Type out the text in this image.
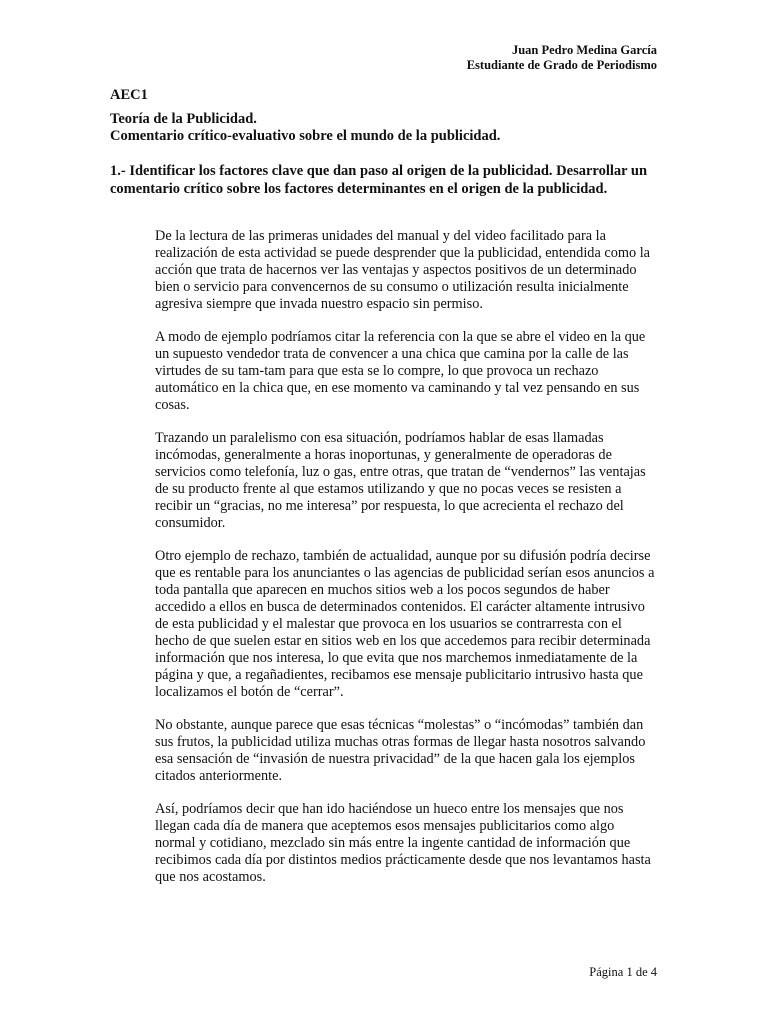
Juan Pedro Medina García
Estudiante de Grado de Periodismo
AEC1
Teoría de la Publicidad.
Comentario crítico-evaluativo sobre el mundo de la publicidad.
1.- Identificar los factores clave que dan paso al origen de la publicidad. Desarrollar un comentario crítico sobre los factores determinantes en el origen de la publicidad.

De la lectura de las primeras unidades del manual y del video facilitado para la realización de esta actividad se puede desprender que la publicidad, entendida como la acción que trata de hacernos ver las ventajas y aspectos positivos de un determinado bien o servicio para convencernos de su consumo o utilización resulta inicialmente agresiva siempre que invada nuestro espacio sin permiso.

A modo de ejemplo podríamos citar la referencia con la que se abre el video en la que un supuesto vendedor trata de convencer a una chica que camina por la calle de las virtudes de su tam-tam para que esta se lo compre, lo que provoca un rechazo automático en la chica que, en ese momento va caminando y tal vez pensando en sus cosas.

Trazando un paralelismo con esa situación, podríamos hablar de esas llamadas incómodas, generalmente a horas inoportunas, y generalmente de operadoras de servicios como telefonía, luz o gas, entre otras, que tratan de “vendernos” las ventajas de su producto frente al que estamos utilizando y que no pocas veces se resisten a recibir un “gracias, no me interesa” por respuesta, lo que acrecienta el rechazo del consumidor.

Otro ejemplo de rechazo, también de actualidad, aunque por su difusión podría decirse que es rentable para los anunciantes o las agencias de publicidad serían esos anuncios a toda pantalla que aparecen en muchos sitios web a los pocos segundos de haber accedido a ellos en busca de determinados contenidos. El carácter altamente intrusivo de esta publicidad y el malestar que provoca en los usuarios se contrarresta con el hecho de que suelen estar en sitios web en los que accedemos para recibir determinada información que nos interesa, lo que evita que nos marchemos inmediatamente de la página y que, a regañadientes, recibamos ese mensaje publicitario intrusivo hasta que localizamos el botón de “cerrar”.

No obstante, aunque parece que esas técnicas “molestas” o “incómodas” también dan sus frutos, la publicidad utiliza muchas otras formas de llegar hasta nosotros salvando esa sensación de “invasión de nuestra privacidad” de la que hacen gala los ejemplos citados anteriormente.

Así, podríamos decir que han ido haciéndose un hueco entre los mensajes que nos llegan cada día de manera que aceptemos esos mensajes publicitarios como algo normal y cotidiano, mezclado sin más entre la ingente cantidad de información que recibimos cada día por distintos medios prácticamente desde que nos levantamos hasta que nos acostamos.

Página 1 de 4
